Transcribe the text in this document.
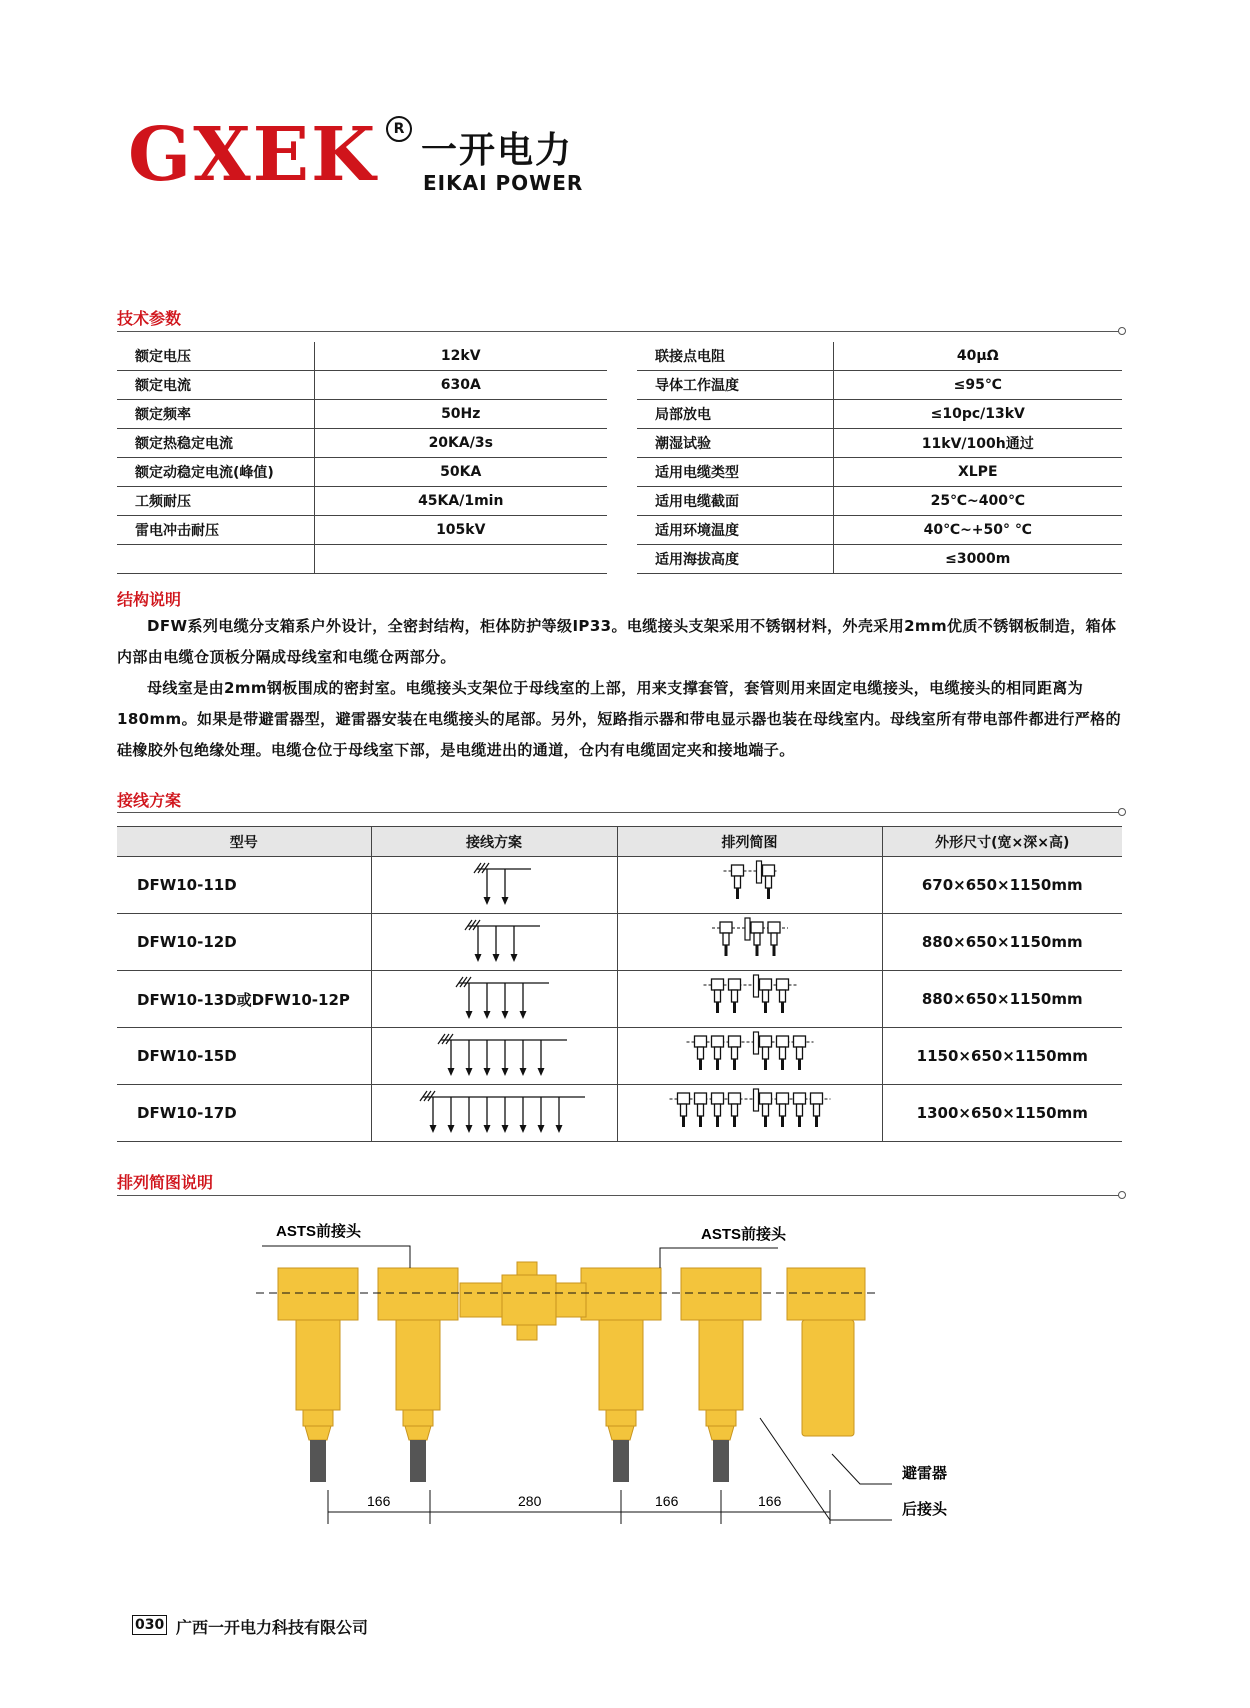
GXEK	R
一开电力
EIKAI POWER
技术参数
额定电压	12kV
额定电流	630A
额定频率	50Hz
额定热稳定电流	20KA/3s
额定动稳定电流(峰值)	50KA
工频耐压	45KA/1min
雷电冲击耐压	105kV

联接点电阻	40μΩ
导体工作温度	≤95℃
局部放电	≤10pc/13kV
潮湿试验	11kV/100h通过
适用电缆类型	XLPE
适用电缆截面	25℃~400℃
适用环境温度	40℃~+50° ℃
适用海拔高度	≤3000m
结构说明

DFW系列电缆分支箱系户外设计，全密封结构，柜体防护等级IP33。电缆接头支架采用不锈钢材料，外壳采用2mm优质不锈钢板制造，箱体内部由电缆仓顶板分隔成母线室和电缆仓两部分。

母线室是由2mm钢板围成的密封室。电缆接头支架位于母线室的上部，用来支撑套管，套管则用来固定电缆接头，电缆接头的相同距离为180mm。如果是带避雷器型，避雷器安装在电缆接头的尾部。另外，短路指示器和带电显示器也装在母线室内。母线室所有带电部件都进行严格的硅橡胶外包绝缘处理。电缆仓位于母线室下部，是电缆进出的通道，仓内有电缆固定夹和接地端子。

接线方案
型号	接线方案	排列简图	外形尺寸(宽×深×高)
DFW10-11D			670×650×1150mm
DFW10-12D			880×650×1150mm
DFW10-13D或DFW10-12P			880×650×1150mm
DFW10-15D			1150×650×1150mm
DFW10-17D			1300×650×1150mm
排列简图说明
ASTS前接头	ASTS前接头
避雷器
后接头
166	280	166	166
030 广西一开电力科技有限公司
